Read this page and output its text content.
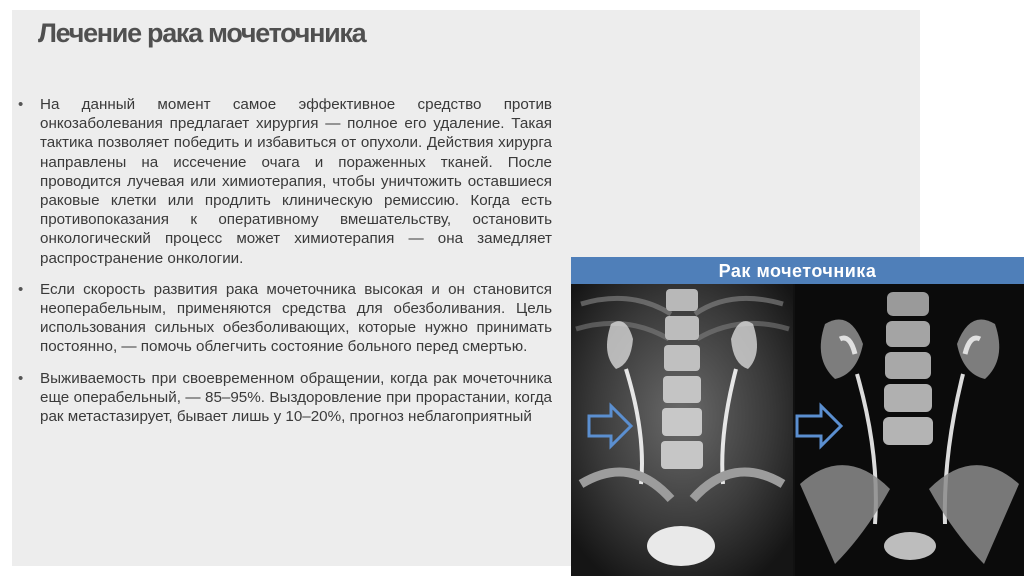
Лечение рака мочеточника
• На данный момент самое эффективное средство против онкозаболевания предлагает хирургия — полное его удаление. Такая тактика позволяет победить и избавиться от опухоли. Действия хирурга направлены на иссечение очага и пораженных тканей. После проводится лучевая или химиотерапия, чтобы уничтожить оставшиеся раковые клетки или продлить клиническую ремиссию. Когда есть противопоказания к оперативному вмешательству, остановить онкологический процесс может химиотерапия — она замедляет распространение онкологии.
• Если скорость развития рака мочеточника высокая и он становится неоперабельным, применяются средства для обезболивания. Цель использования сильных обезболивающих, которые нужно принимать постоянно, — помочь облегчить состояние больного перед смертью.
• Выживаемость при своевременном обращении, когда рак мочеточника еще операбельный, — 85–95%. Выздоровление при прорастании, когда рак метастазирует, бывает лишь у 10–20%, прогноз неблагоприятный
Рак мочеточника
